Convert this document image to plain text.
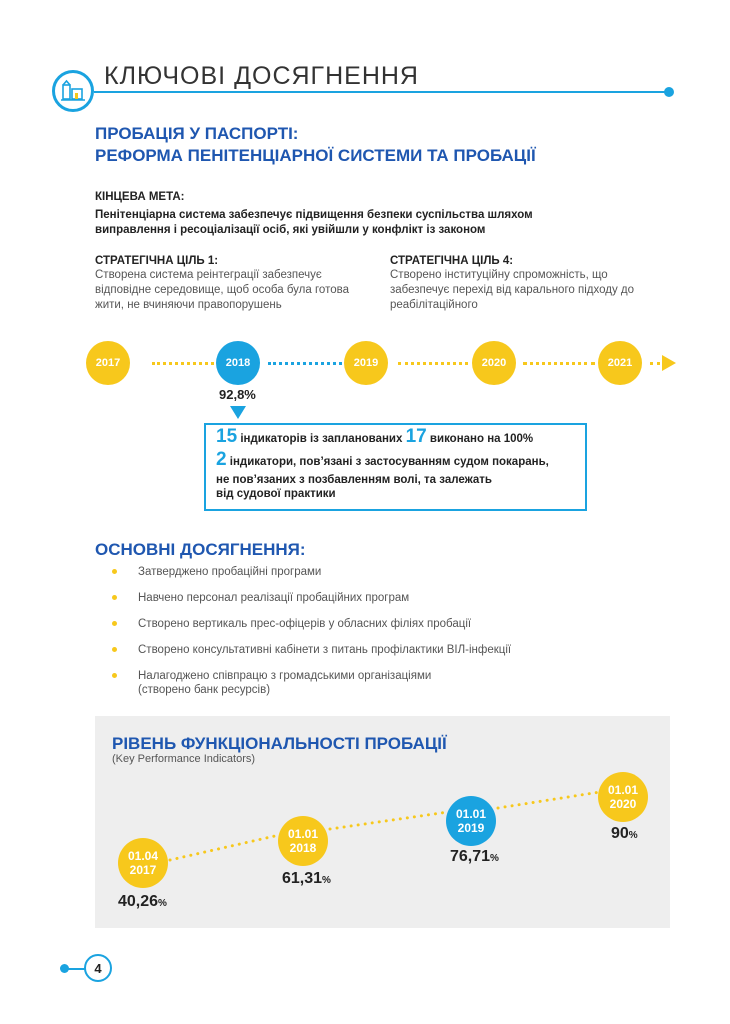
КЛЮЧОВІ ДОСЯГНЕННЯ
ПРОБАЦІЯ У ПАСПОРТІ:
РЕФОРМА ПЕНІТЕНЦІАРНОЇ СИСТЕМИ ТА ПРОБАЦІЇ
КІНЦЕВА МЕТА:
Пенітенціарна система забезпечує підвищення безпеки суспільства шляхом виправлення і ресоціалізації осіб, які увійшли у конфлікт із законом
СТРАТЕГІЧНА ЦІЛЬ 1:
Створена система реінтеграції забезпечує відповідне середовище, щоб особа була готова жити, не вчиняючи правопорушень
СТРАТЕГІЧНА ЦІЛЬ 4:
Створено інституційну спроможність, що забезпечує перехід від карального підходу до реабілітаційного
2017	2018	2019	2020	2021
92,8%
15 індикаторів із запланованих 17 виконано на 100%
2 індикатори, пов’язані з застосуванням судом покарань,
не пов’язаних з позбавленням волі, та залежать
від судової практики
ОСНОВНІ ДОСЯГНЕННЯ:
Затверджено пробаційні програми
Навчено персонал реалізації пробаційних програм
Створено вертикаль прес-офіцерів у обласних філіях пробації
Створено консультативні кабінети з питань профілактики ВІЛ-інфекції
Налагоджено співпрацю з громадськими організаціями
(створено банк ресурсів)
РІВЕНЬ ФУНКЦІОНАЛЬНОСТІ ПРОБАЦІЇ
(Key Performance Indicators)
01.04
2017
40,26%
01.01
2018
61,31%
01.01
2019
76,71%
01.01
2020
90%
4
